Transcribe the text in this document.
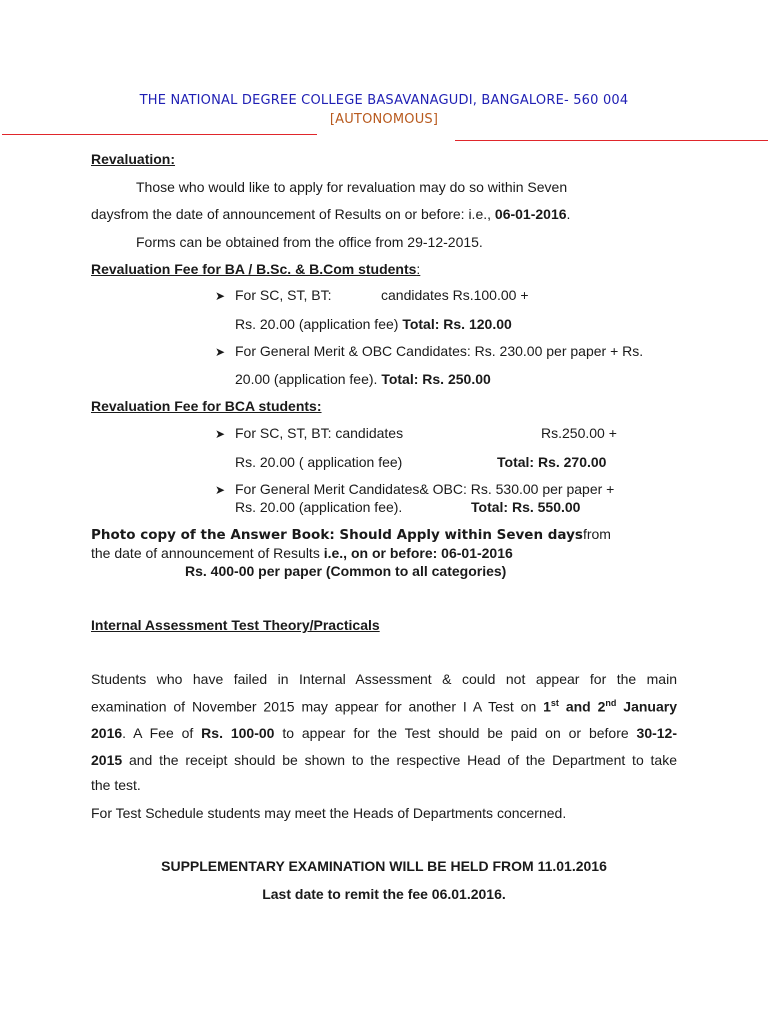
THE NATIONAL DEGREE COLLEGE BASAVANAGUDI, BANGALORE- 560 004
[AUTONOMOUS]
Revaluation:
Those who would like to apply for revaluation may do so within Seven
daysfrom the date of announcement of Results on or before: i.e., 06-01-2016.
Forms can be obtained from the office from 29-12-2015.
Revaluation Fee for BA / B.Sc. & B.Com students:
➤ For SC, ST, BT:	candidates Rs.100.00 +
Rs. 20.00 (application fee) Total: Rs. 120.00
➤ For General Merit & OBC Candidates: Rs. 230.00 per paper + Rs.
20.00 (application fee). Total: Rs. 250.00
Revaluation Fee for BCA students:
➤ For SC, ST, BT: candidates	Rs.250.00 +
Rs. 20.00 ( application fee)	Total: Rs. 270.00
➤ For General Merit Candidates& OBC: Rs. 530.00 per paper +
Rs. 20.00 (application fee).	Total: Rs. 550.00
Photo copy of the Answer Book: Should Apply within Seven daysfrom
the date of announcement of Results i.e., on or before: 06-01-2016
Rs. 400-00 per paper (Common to all categories)
Internal Assessment Test Theory/Practicals
Students who have failed in Internal Assessment & could not appear for the main
examination of November 2015 may appear for another I A Test on 1st and 2nd January
2016. A Fee of Rs. 100-00 to appear for the Test should be paid on or before 30-12-
2015 and the receipt should be shown to the respective Head of the Department to take
the test.
For Test Schedule students may meet the Heads of Departments concerned.
SUPPLEMENTARY EXAMINATION WILL BE HELD FROM 11.01.2016
Last date to remit the fee 06.01.2016.
